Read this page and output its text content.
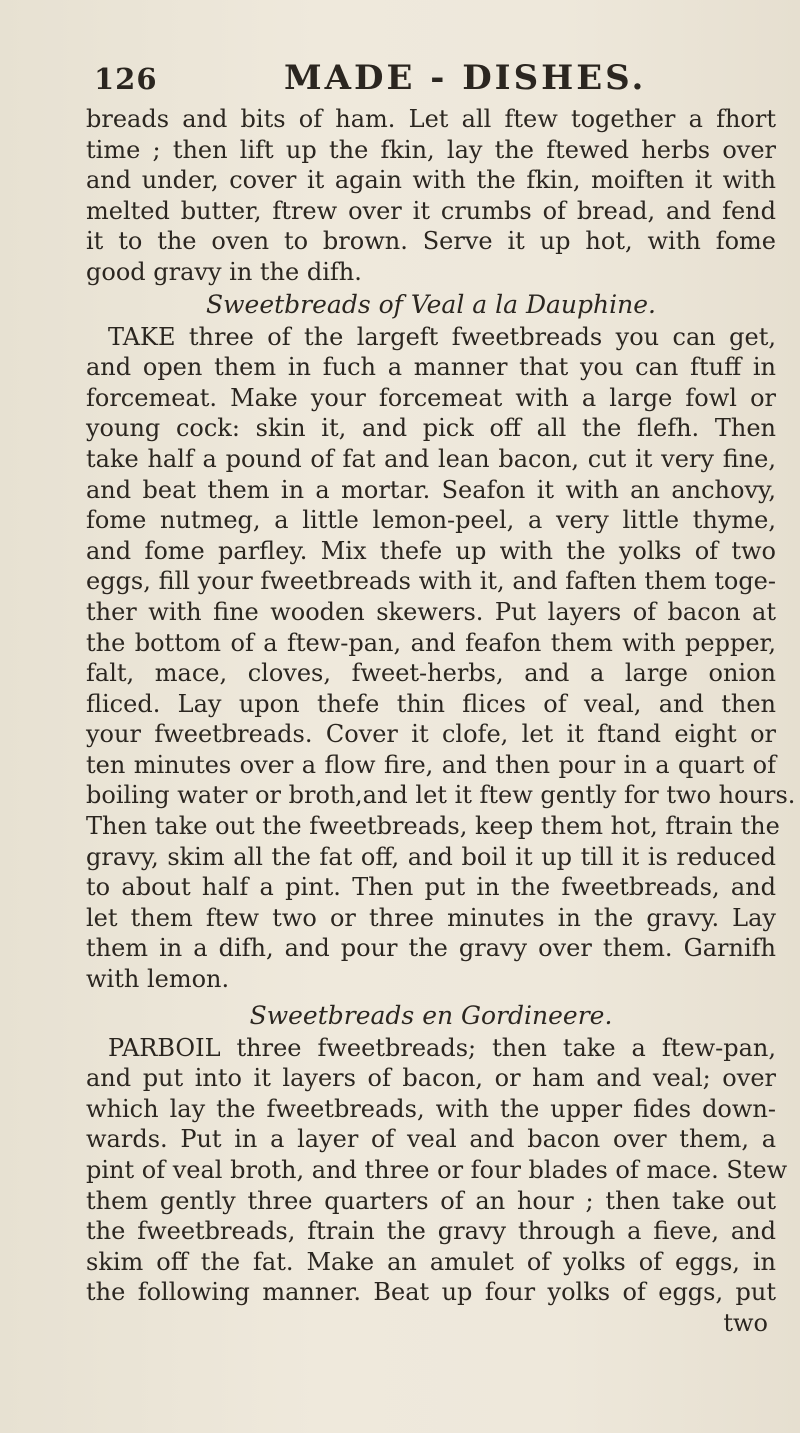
126	MADE - DISHES.
breads and bits of ham. Let all ftew together a fhort
time ; then lift up the fkin, lay the ftewed herbs over
and under, cover it again with the fkin, moiften it with
melted butter, ftrew over it crumbs of bread, and fend
it to the oven to brown. Serve it up hot, with fome
good gravy in the difh.
Sweetbreads of Veal a la Dauphine.
TAKE three of the largeft fweetbreads you can get,
and open them in fuch a manner that you can ftuff in
forcemeat. Make your forcemeat with a large fowl or
young cock: skin it, and pick off all the flefh. Then
take half a pound of fat and lean bacon, cut it very fine,
and beat them in a mortar. Seafon it with an anchovy,
fome nutmeg, a little lemon-peel, a very little thyme,
and fome parfley. Mix thefe up with the yolks of two
eggs, fill your fweetbreads with it, and faften them toge-
ther with fine wooden skewers. Put layers of bacon at
the bottom of a ftew-pan, and feafon them with pepper,
falt, mace, cloves, fweet-herbs, and a large onion
fliced. Lay upon thefe thin flices of veal, and then
your fweetbreads. Cover it clofe, let it ftand eight or
ten minutes over a flow fire, and then pour in a quart of
boiling water or broth,and let it ftew gently for two hours.
Then take out the fweetbreads, keep them hot, ftrain the
gravy, skim all the fat off, and boil it up till it is reduced
to about half a pint. Then put in the fweetbreads, and
let them ftew two or three minutes in the gravy. Lay
them in a difh, and pour the gravy over them. Garnifh
with lemon.
Sweetbreads en Gordineere.
PARBOIL three fweetbreads; then take a ftew-pan,
and put into it layers of bacon, or ham and veal; over
which lay the fweetbreads, with the upper fides down-
wards. Put in a layer of veal and bacon over them, a
pint of veal broth, and three or four blades of mace. Stew
them gently three quarters of an hour ; then take out
the fweetbreads, ftrain the gravy through a fieve, and
skim off the fat. Make an amulet of yolks of eggs, in
the following manner. Beat up four yolks of eggs, put
two
